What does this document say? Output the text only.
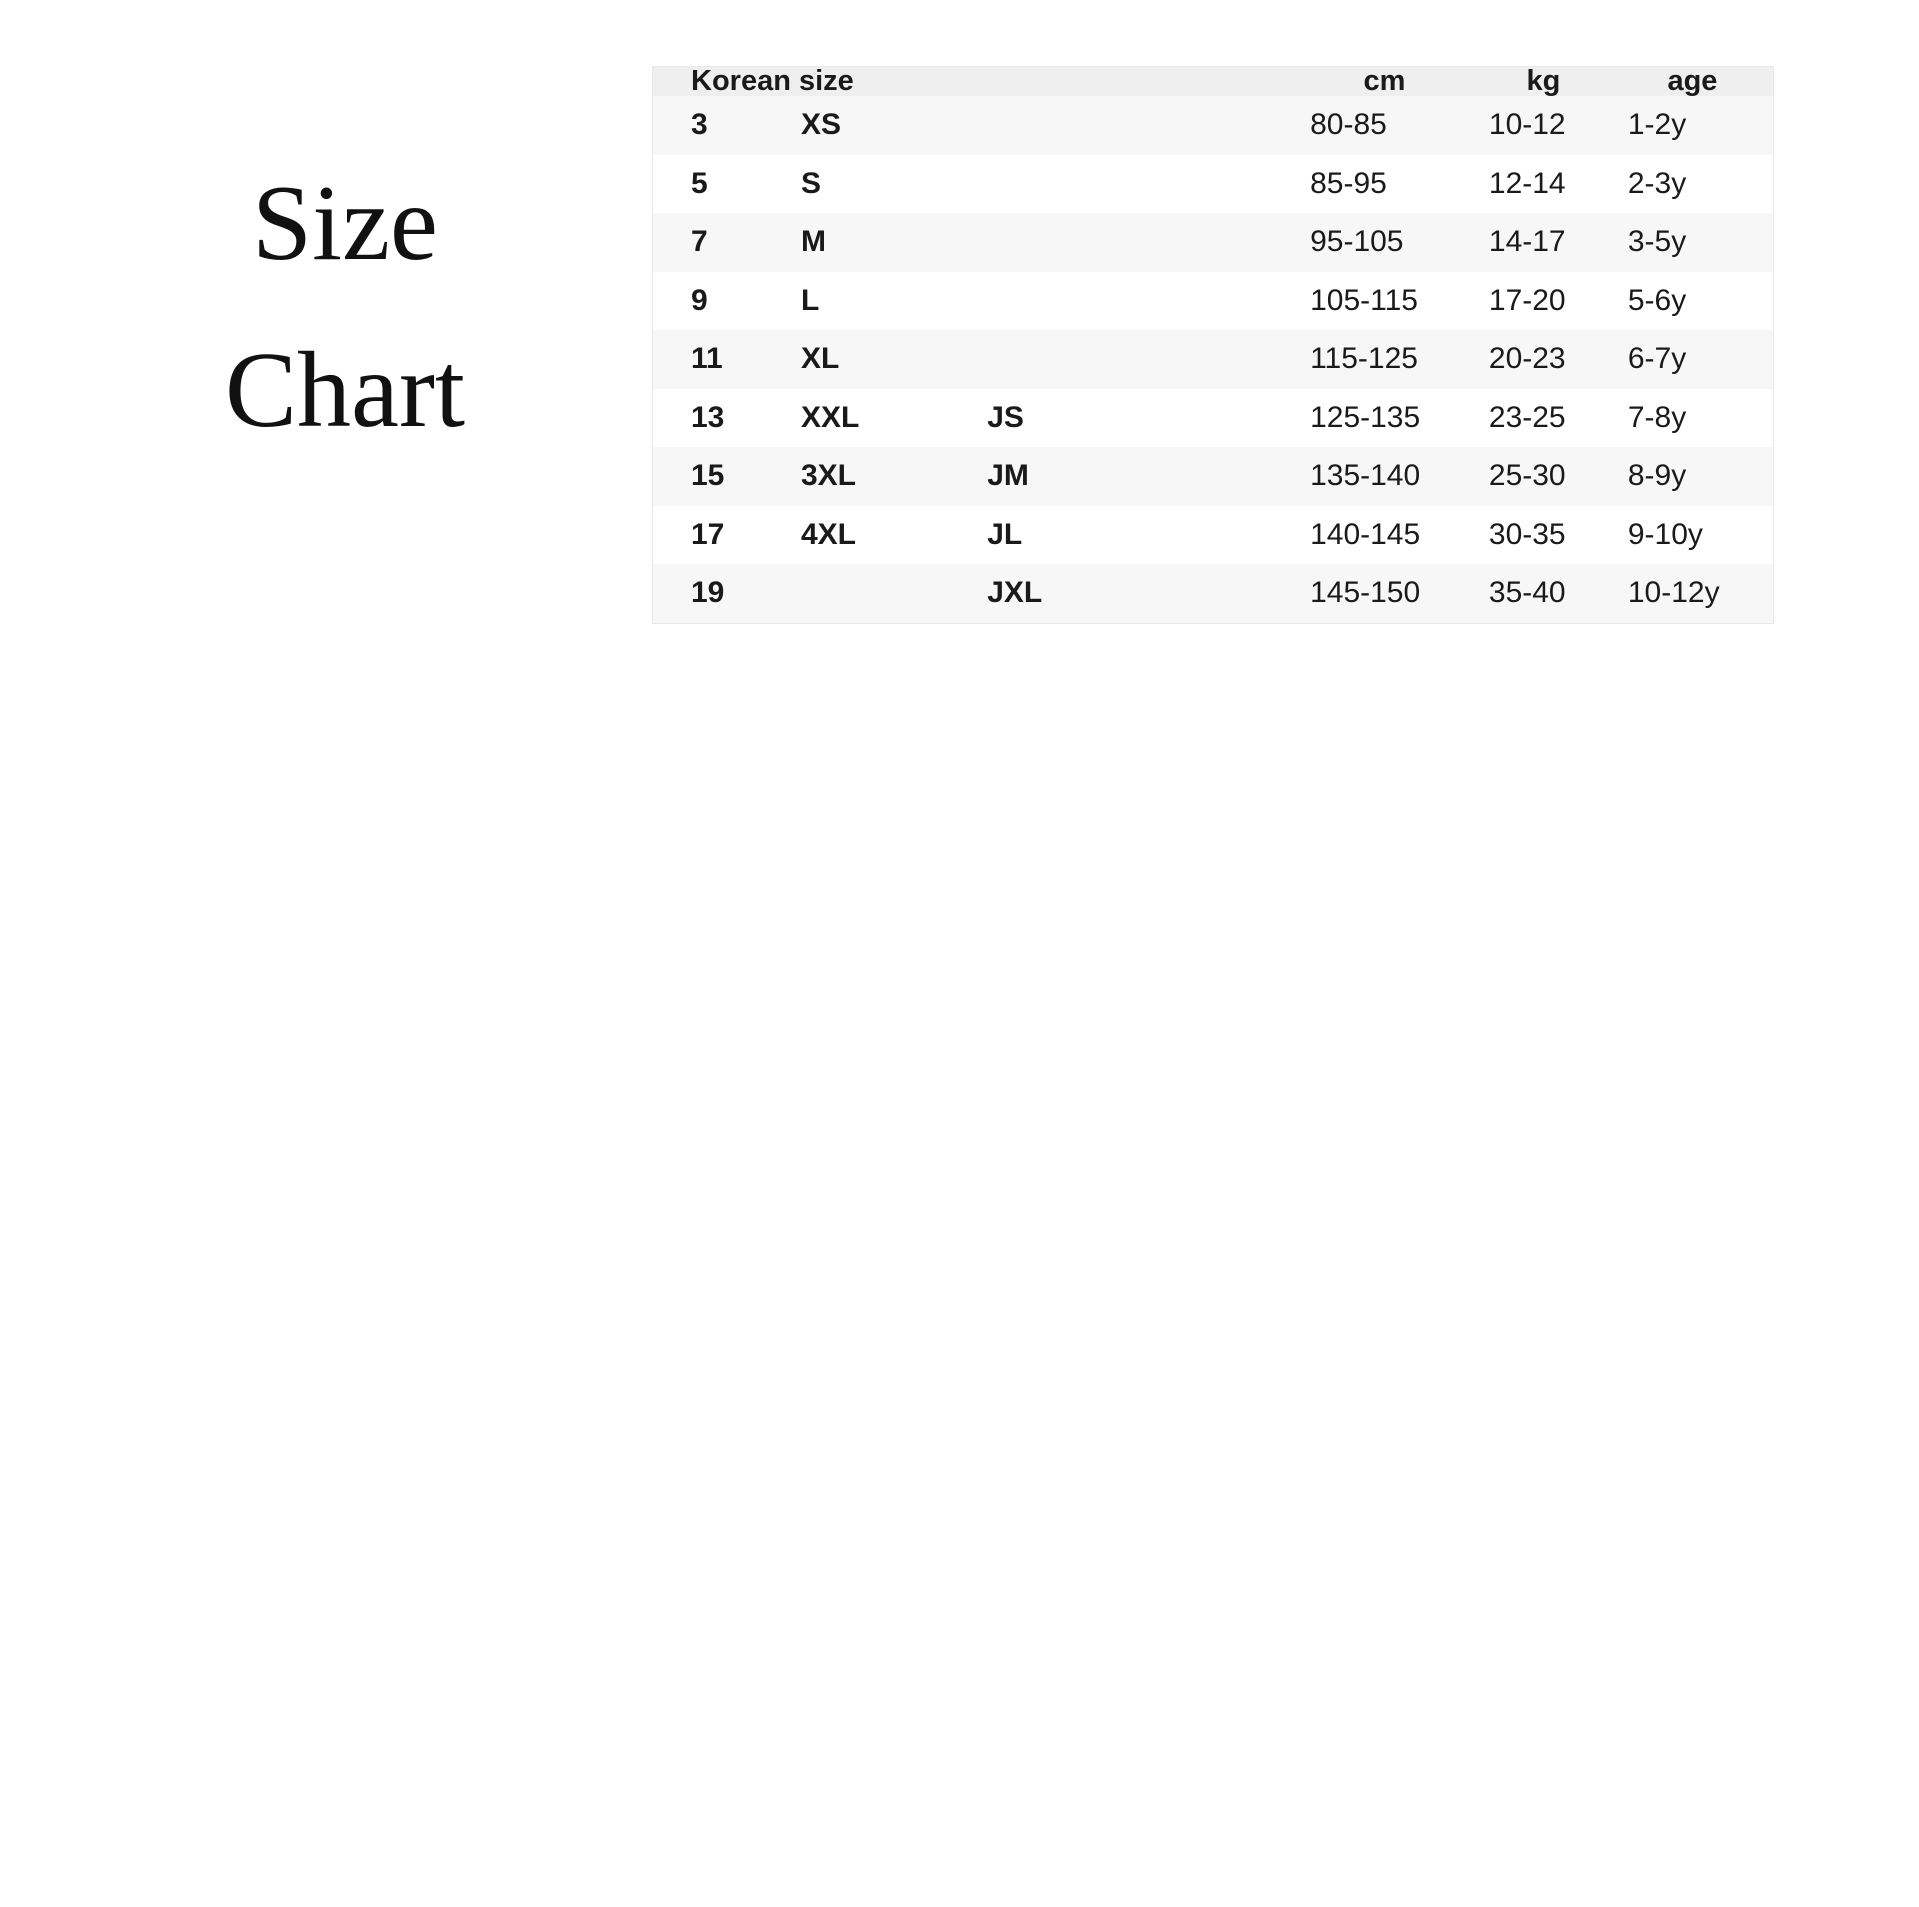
Size
Chart
Korean size			cm	kg	age

3	XS		80-85	10-12	1-2y

5	S		85-95	12-14	2-3y

7	M		95-105	14-17	3-5y

9	L		105-115	17-20	5-6y

11	XL		115-125	20-23	6-7y

13	XXL	JS	125-135	23-25	7-8y

15	3XL	JM	135-140	25-30	8-9y

17	4XL	JL	140-145	30-35	9-10y

19		JXL	145-150	35-40	10-12y
